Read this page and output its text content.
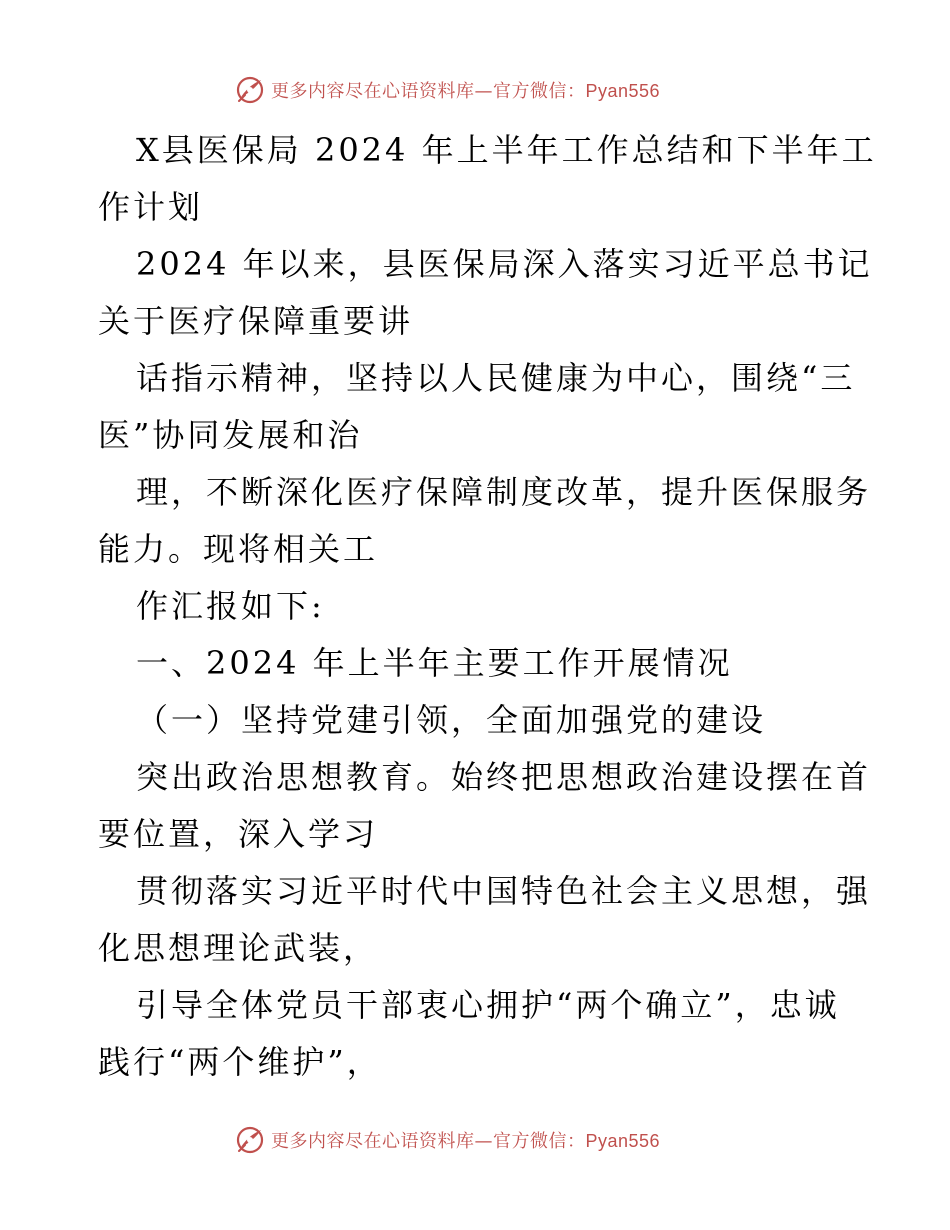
更多内容尽在心语资料库—官方微信：Pyan556
X县医保局 2024 年上半年工作总结和下半年工
作计划
2024 年以来，县医保局深入落实习近平总书记
关于医疗保障重要讲
话指示精神，坚持以人民健康为中心，围绕“三
医”协同发展和治
理，不断深化医疗保障制度改革，提升医保服务
能力。现将相关工
作汇报如下:
一、2024 年上半年主要工作开展情况
（一）坚持党建引领，全面加强党的建设
突出政治思想教育。始终把思想政治建设摆在首
要位置，深入学习
贯彻落实习近平时代中国特色社会主义思想，强
化思想理论武装，
引导全体党员干部衷心拥护“两个确立”，忠诚
践行“两个维护”，
更多内容尽在心语资料库—官方微信：Pyan556
